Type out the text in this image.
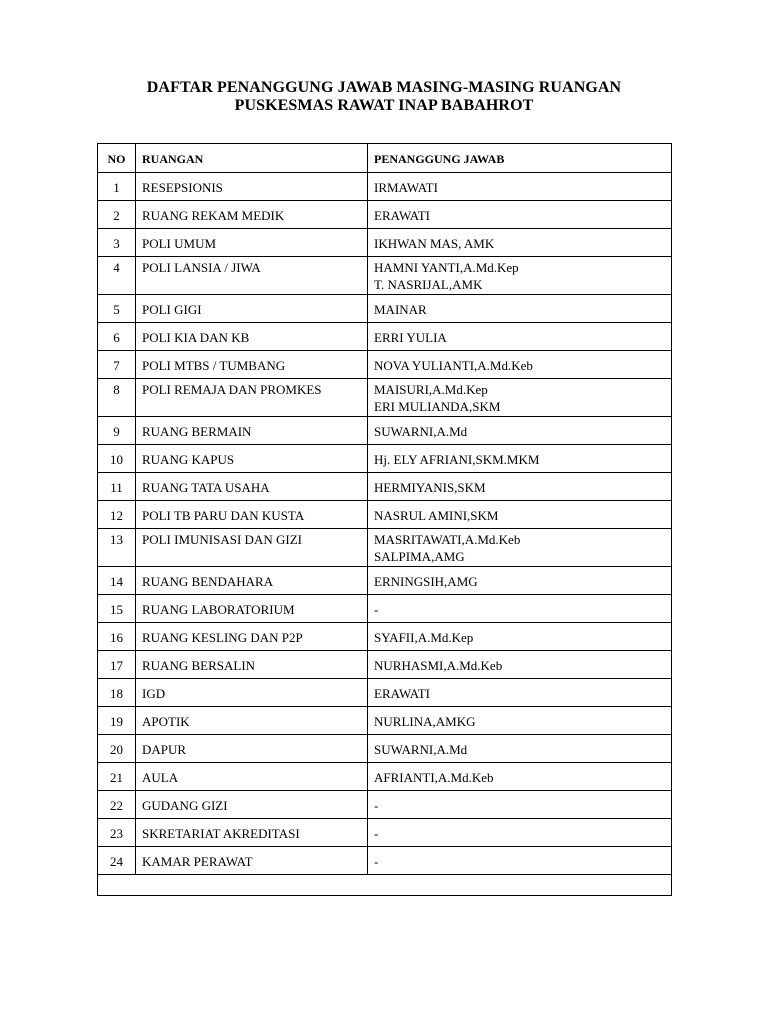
DAFTAR PENANGGUNG JAWAB MASING-MASING RUANGAN
PUSKESMAS RAWAT INAP BABAHROT
NO	RUANGAN	PENANGGUNG JAWAB
1	RESEPSIONIS	IRMAWATI

2	RUANG REKAM MEDIK	ERAWATI

3	POLI UMUM	IKHWAN MAS, AMK

4	POLI LANSIA / JIWA	HAMNI YANTI,A.Md.Kep
T. NASRIJAL,AMK

5	POLI GIGI	MAINAR

6	POLI KIA DAN KB	ERRI YULIA

7	POLI MTBS / TUMBANG	NOVA YULIANTI,A.Md.Keb

8	POLI REMAJA DAN PROMKES	MAISURI,A.Md.Kep
ERI MULIANDA,SKM

9	RUANG BERMAIN	SUWARNI,A.Md

10	RUANG KAPUS	Hj. ELY AFRIANI,SKM.MKM

11	RUANG TATA USAHA	HERMIYANIS,SKM

12	POLI TB PARU DAN KUSTA	NASRUL AMINI,SKM

13	POLI IMUNISASI DAN GIZI	MASRITAWATI,A.Md.Keb
SALPIMA,AMG

14	RUANG BENDAHARA	ERNINGSIH,AMG

15	RUANG LABORATORIUM	-

16	RUANG KESLING DAN P2P	SYAFII,A.Md.Kep

17	RUANG BERSALIN	NURHASMI,A.Md.Keb

18	IGD	ERAWATI

19	APOTIK	NURLINA,AMKG

20	DAPUR	SUWARNI,A.Md

21	AULA	AFRIANTI,A.Md.Keb

22	GUDANG GIZI	-

23	SKRETARIAT AKREDITASI	-

24	KAMAR PERAWAT	-
